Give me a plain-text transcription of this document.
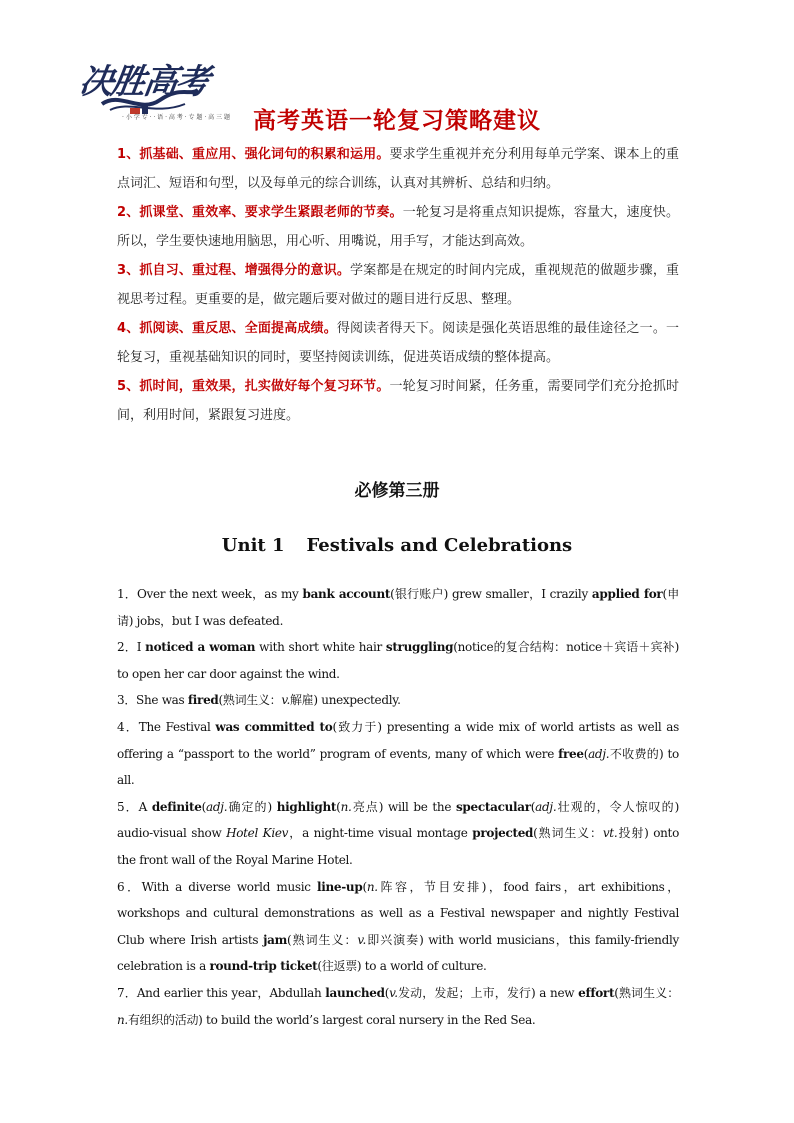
决胜高考
· 小 学 专 · · 语 · 高 考 · 专 题 · 高 三 题	高考英语一轮复习策略建议

1、抓基础、重应用、强化词句的积累和运用。要求学生重视并充分利用每单元学案、课本上的重点词汇、短语和句型，以及每单元的综合训练，认真对其辨析、总结和归纳。

2、抓课堂、重效率、要求学生紧跟老师的节奏。一轮复习是将重点知识提炼，容量大，速度快。所以，学生要快速地用脑思，用心听、用嘴说，用手写，才能达到高效。

3、抓自习、重过程、增强得分的意识。学案都是在规定的时间内完成，重视规范的做题步骤，重视思考过程。更重要的是，做完题后要对做过的题目进行反思、整理。

4、抓阅读、重反思、全面提高成绩。得阅读者得天下。阅读是强化英语思维的最佳途径之一。一轮复习，重视基础知识的同时，要坚持阅读训练，促进英语成绩的整体提高。

5、抓时间，重效果，扎实做好每个复习环节。一轮复习时间紧，任务重，需要同学们充分抢抓时间，利用时间，紧跟复习进度。

必修第三册
Unit 1 Festivals and Celebrations

1．Over the next week，as my bank account(银行账户) grew smaller，I crazily applied for(申请) jobs，but I was defeated.

2．I noticed a woman with short white hair struggling(notice的复合结构：notice＋宾语＋宾补) to open her car door against the wind.

3．She was fired(熟词生义：v.解雇) unexpectedly.

4．The Festival was committed to(致力于) presenting a wide mix of world artists as well as offering a “passport to the world” program of events, many of which were free(adj.不收费的) to all.

5．A definite(adj.确定的) highlight(n.亮点) will be the spectacular(adj.壮观的，令人惊叹的) audio-visual show Hotel Kiev，a night-time visual montage projected(熟词生义：vt.投射) onto the front wall of the Royal Marine Hotel.

6．With a diverse world music line-up(n.阵容，节目安排)，food fairs，art exhibitions，workshops and cultural demonstrations as well as a Festival newspaper and nightly Festival Club where Irish artists jam(熟词生义：v.即兴演奏) with world musicians，this family-friendly celebration is a round-trip ticket(往返票) to a world of culture.

7．And earlier this year，Abdullah launched(v.发动，发起；上市，发行) a new effort(熟词生义：n.有组织的活动) to build the world’s largest coral nursery in the Red Sea.
